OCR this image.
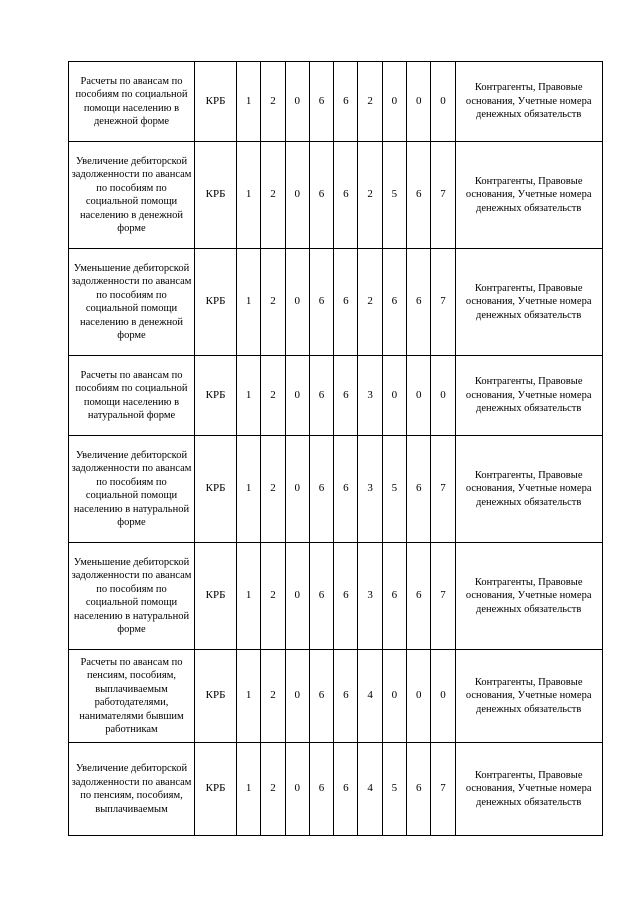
Расчеты по авансам по пособиям по социальной помощи населению в денежной форме	КРБ	1	2	0	6	6	2	0	0	0	Контрагенты, Правовые основания, Учетные номера денежных обязательств
Увеличение дебиторской задолженности по авансам по пособиям по социальной помощи населению в денежной форме	КРБ	1	2	0	6	6	2	5	6	7	Контрагенты, Правовые основания, Учетные номера денежных обязательств
Уменьшение дебиторской задолженности по авансам по пособиям по социальной помощи населению в денежной форме	КРБ	1	2	0	6	6	2	6	6	7	Контрагенты, Правовые основания, Учетные номера денежных обязательств
Расчеты по авансам по пособиям по социальной помощи населению в натуральной форме	КРБ	1	2	0	6	6	3	0	0	0	Контрагенты, Правовые основания, Учетные номера денежных обязательств
Увеличение дебиторской задолженности по авансам по пособиям по социальной помощи населению в натуральной форме	КРБ	1	2	0	6	6	3	5	6	7	Контрагенты, Правовые основания, Учетные номера денежных обязательств
Уменьшение дебиторской задолженности по авансам по пособиям по социальной помощи населению в натуральной форме	КРБ	1	2	0	6	6	3	6	6	7	Контрагенты, Правовые основания, Учетные номера денежных обязательств
Расчеты по авансам по пенсиям, пособиям, выплачиваемым работодателями, нанимателями бывшим работникам	КРБ	1	2	0	6	6	4	0	0	0	Контрагенты, Правовые основания, Учетные номера денежных обязательств
Увеличение дебиторской задолженности по авансам по пенсиям, пособиям, выплачиваемым	КРБ	1	2	0	6	6	4	5	6	7	Контрагенты, Правовые основания, Учетные номера денежных обязательств
